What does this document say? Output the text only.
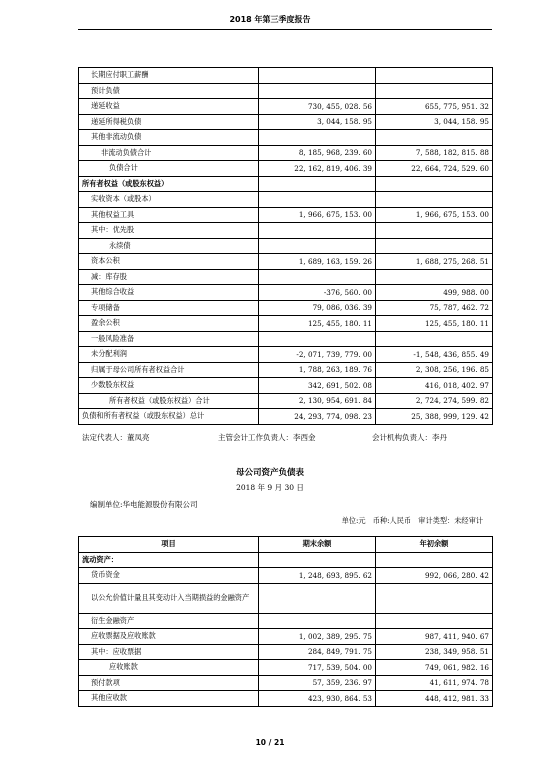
2018 年第三季度报告
长期应付职工薪酬		
预计负债		
递延收益	730, 455, 028. 56	655, 775, 951. 32
递延所得税负债	3, 044, 158. 95	3, 044, 158. 95
其他非流动负债		
非流动负债合计	8, 185, 968, 239. 60	7, 588, 182, 815. 88
负债合计	22, 162, 819, 406. 39	22, 664, 724, 529. 60
所有者权益（或股东权益）		
实收资本（或股本）		
其他权益工具	1, 966, 675, 153. 00	1, 966, 675, 153. 00
其中：优先股		
永续债		
资本公积	1, 689, 163, 159. 26	1, 688, 275, 268. 51
减：库存股		
其他综合收益	-376, 560. 00	499, 988. 00
专项储备	79, 086, 036. 39	75, 787, 462. 72
盈余公积	125, 455, 180. 11	125, 455, 180. 11
一般风险准备		
未分配利润	-2, 071, 739, 779. 00	-1, 548, 436, 855. 49
归属于母公司所有者权益合计	1, 788, 263, 189. 76	2, 308, 256, 196. 85
少数股东权益	342, 691, 502. 08	416, 018, 402. 97
所有者权益（或股东权益）合计	2, 130, 954, 691. 84	2, 724, 274, 599. 82
负债和所有者权益（或股东权益）总计	24, 293, 774, 098. 23	25, 388, 999, 129. 42
法定代表人：董凤亮	主管会计工作负责人：李西金	会计机构负责人：李丹
母公司资产负债表
2018 年 9 月 30 日
编制单位:华电能源股份有限公司
单位:元　币种:人民币　审计类型：未经审计
项目	期末余额	年初余额
流动资产：		
货币资金	1, 248, 693, 895. 62	992, 066, 280. 42
以公允价值计量且其变动计入当期损益的金融资产		
衍生金融资产		
应收票据及应收账款	1, 002, 389, 295. 75	987, 411, 940. 67
其中：应收票据	284, 849, 791. 75	238, 349, 958. 51
应收账款	717, 539, 504. 00	749, 061, 982. 16
预付款项	57, 359, 236. 97	41, 611, 974. 78
其他应收款	423, 930, 864. 53	448, 412, 981. 33
10 / 21
